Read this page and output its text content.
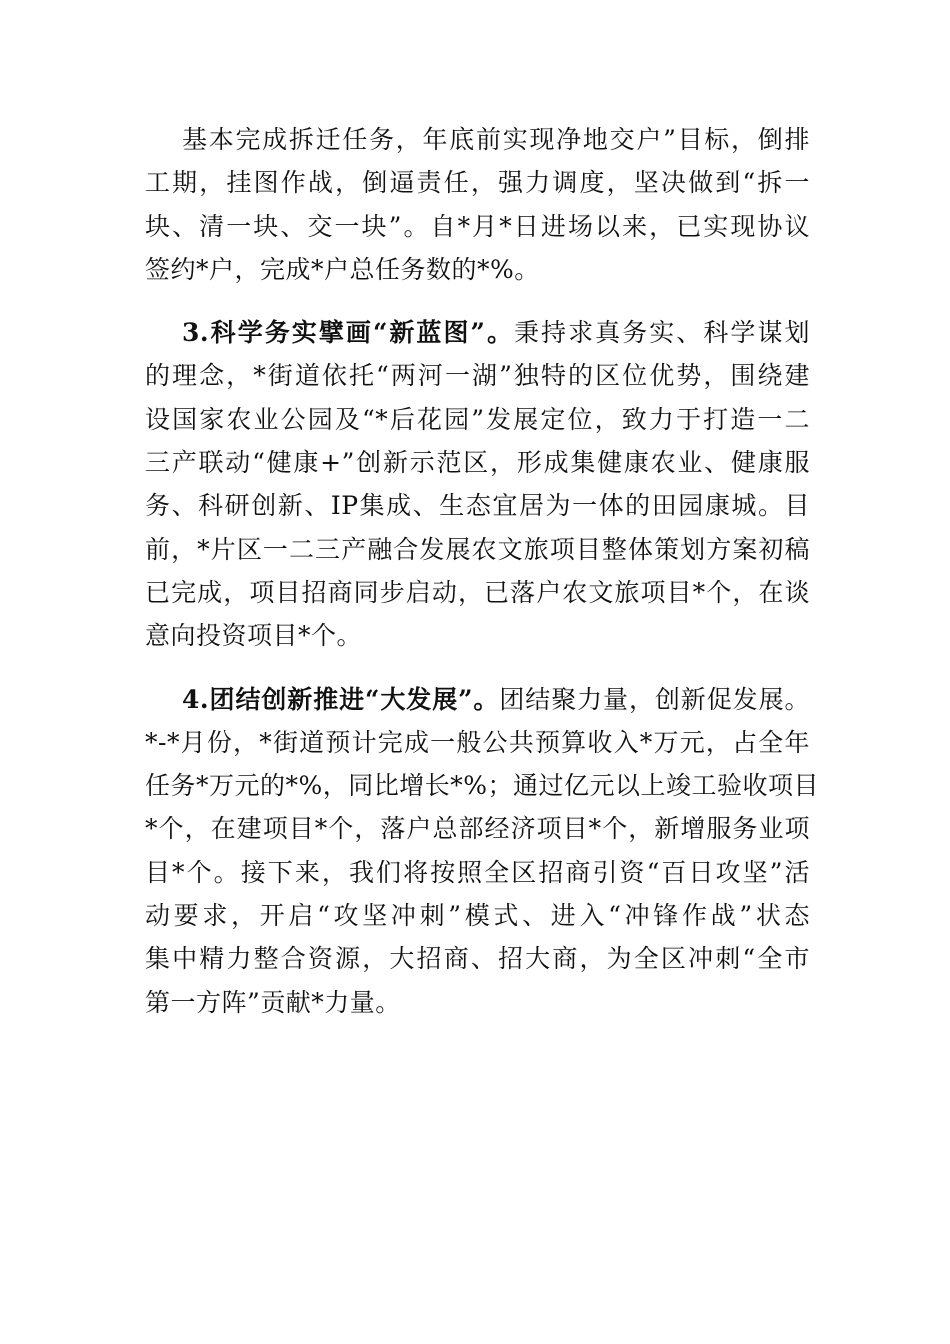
基本完成拆迁任务，年底前实现净地交户”目标，倒排
工期，挂图作战，倒逼责任，强力调度，坚决做到“拆一
块、清一块、交一块”。自*月*日进场以来，已实现协议
签约*户，完成*户总任务数的*%。
3.科学务实擘画“新蓝图”。秉持求真务实、科学谋划
的理念，*街道依托“两河一湖”独特的区位优势，围绕建
设国家农业公园及“*后花园”发展定位，致力于打造一二
三产联动“健康+”创新示范区，形成集健康农业、健康服
务、科研创新、IP集成、生态宜居为一体的田园康城。目
前，*片区一二三产融合发展农文旅项目整体策划方案初稿
已完成，项目招商同步启动，已落户农文旅项目*个，在谈
意向投资项目*个。
4.团结创新推进“大发展”。团结聚力量，创新促发展。
*-*月份，*街道预计完成一般公共预算收入*万元，占全年
任务*万元的*%，同比增长*%；通过亿元以上竣工验收项目
*个，在建项目*个，落户总部经济项目*个，新增服务业项
目*个。接下来，我们将按照全区招商引资“百日攻坚”活
动要求，开启“攻坚冲刺”模式、进入“冲锋作战”状态
集中精力整合资源，大招商、招大商，为全区冲刺“全市
第一方阵”贡献*力量。
